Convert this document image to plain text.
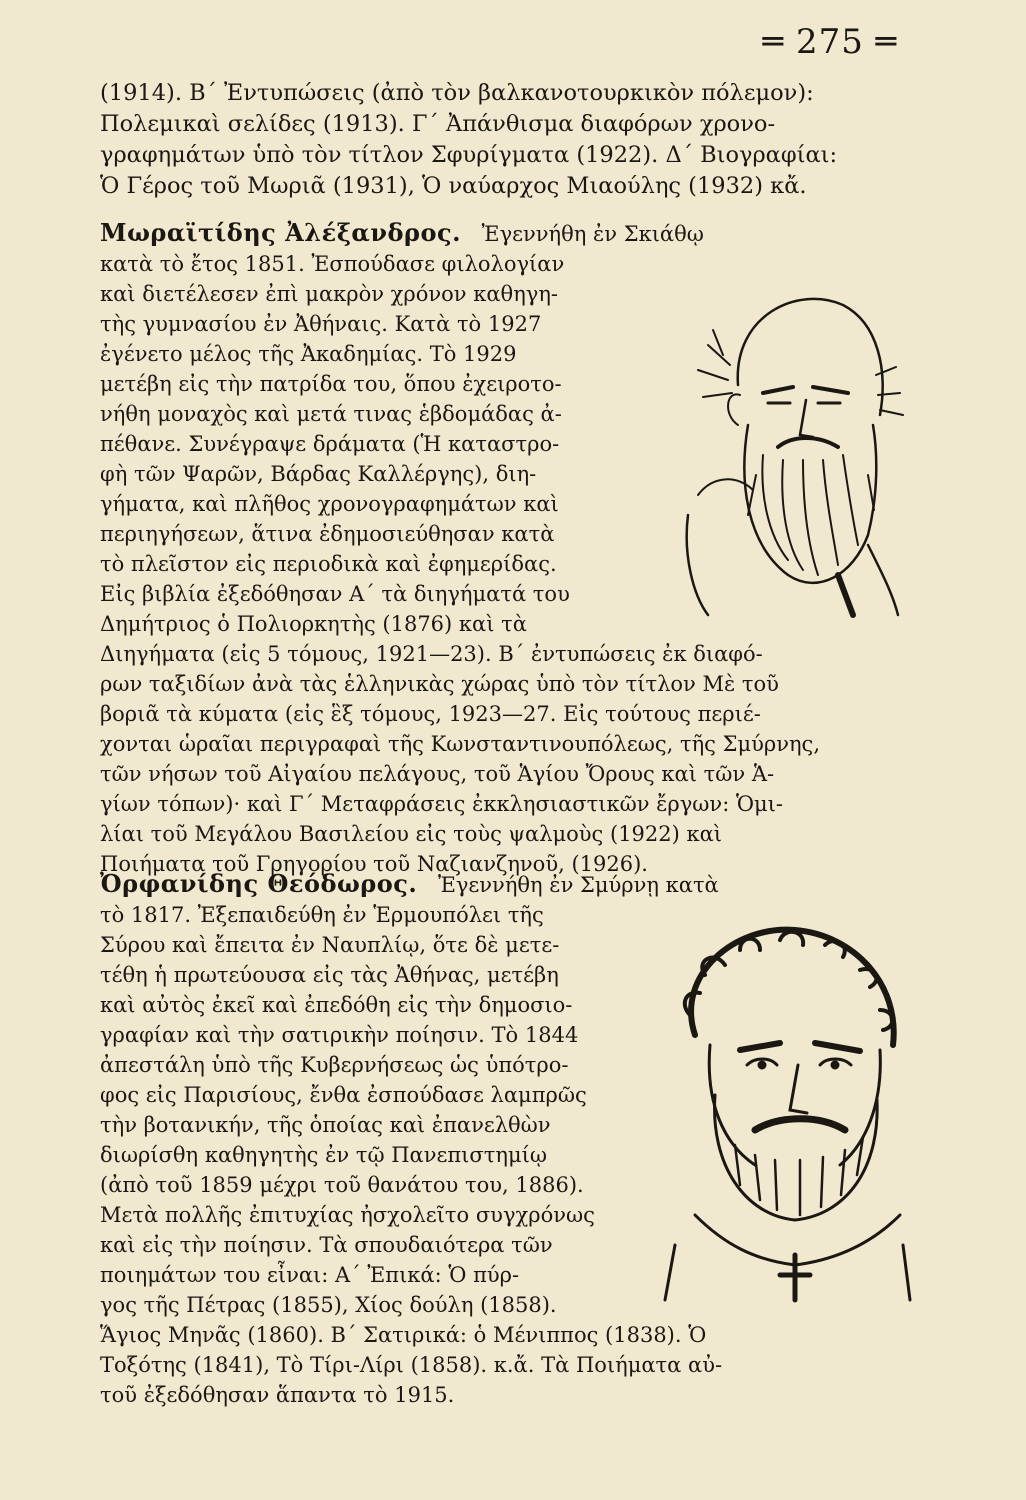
═ 275 ═
(1914). Β΄ Ἐντυπώσεις (ἀπὸ τὸν βαλκανοτουρκικὸν πόλεμον):
Πολεμικαὶ σελίδες (1913). Γ΄ Ἀπάνθισμα διαφόρων χρονο-
γραφημάτων ὑπὸ τὸν τίτλον Σφυρίγματα (1922). Δ΄ Βιογραφίαι:
Ὁ Γέρος τοῦ Μωριᾶ (1931), Ὁ ναύαρχος Μιαούλης (1932) κἄ.
Μωραϊτίδης Ἀλέξανδρος. Ἐγεννήθη ἐν Σκιάθῳ
κατὰ τὸ ἔτος 1851. Ἐσπούδασε φιλολογίαν
καὶ διετέλεσεν ἐπὶ μακρὸν χρόνον καθηγη-
τὴς γυμνασίου ἐν Ἀθήναις. Κατὰ τὸ 1927
ἐγένετο μέλος τῆς Ἀκαδημίας. Τὸ 1929
μετέβη εἰς τὴν πατρίδα του, ὅπου ἐχειροτο-
νήθη μοναχὸς καὶ μετά τινας ἑβδομάδας ἀ-
πέθανε. Συνέγραψε δράματα (Ἡ καταστρο-
φὴ τῶν Ψαρῶν, Βάρδας Καλλέργης), διη-
γήματα, καὶ πλῆθος χρονογραφημάτων καὶ
περιηγήσεων, ἅτινα ἐδημοσιεύθησαν κατὰ
τὸ πλεῖστον εἰς περιοδικὰ καὶ ἐφημερίδας.
Εἰς βιβλία ἐξεδόθησαν Α΄ τὰ διηγήματά του
Δημήτριος ὁ Πολιορκητὴς (1876) καὶ τὰ
Διηγήματα (εἰς 5 τόμους, 1921—23). Β΄ ἐντυπώσεις ἐκ διαφό-
ρων ταξιδίων ἀνὰ τὰς ἑλληνικὰς χώρας ὑπὸ τὸν τίτλον Μὲ τοῦ
βοριᾶ τὰ κύματα (εἰς ἓξ τόμους, 1923—27. Εἰς τούτους περιέ-
χονται ὡραῖαι περιγραφαὶ τῆς Κωνσταντινουπόλεως, τῆς Σμύρνης,
τῶν νήσων τοῦ Αἰγαίου πελάγους, τοῦ Ἁγίου Ὄρους καὶ τῶν Ἁ-
γίων τόπων)· καὶ Γ΄ Μεταφράσεις ἐκκλησιαστικῶν ἔργων: Ὁμι-
λίαι τοῦ Μεγάλου Βασιλείου εἰς τοὺς ψαλμοὺς (1922) καὶ
Ποιήματα τοῦ Γρηγορίου τοῦ Ναζιανζηνοῦ, (1926).
Ὀρφανίδης Θεόδωρος. Ἐγεννήθη ἐν Σμύρνῃ κατὰ
τὸ 1817. Ἐξεπαιδεύθη ἐν Ἑρμουπόλει τῆς
Σύρου καὶ ἔπειτα ἐν Ναυπλίῳ, ὅτε δὲ μετε-
τέθη ἡ πρωτεύουσα εἰς τὰς Ἀθήνας, μετέβη
καὶ αὐτὸς ἐκεῖ καὶ ἐπεδόθη εἰς τὴν δημοσιο-
γραφίαν καὶ τὴν σατιρικὴν ποίησιν. Τὸ 1844
ἀπεστάλη ὑπὸ τῆς Κυβερνήσεως ὡς ὑπότρο-
φος εἰς Παρισίους, ἔνθα ἐσπούδασε λαμπρῶς
τὴν βοτανικήν, τῆς ὁποίας καὶ ἐπανελθὼν
διωρίσθη καθηγητὴς ἐν τῷ Πανεπιστημίῳ
(ἀπὸ τοῦ 1859 μέχρι τοῦ θανάτου του, 1886).
Μετὰ πολλῆς ἐπιτυχίας ἠσχολεῖτο συγχρόνως
καὶ εἰς τὴν ποίησιν. Τὰ σπουδαιότερα τῶν
ποιημάτων του εἶναι: Α΄ Ἐπικά: Ὁ πύρ-
γος τῆς Πέτρας (1855), Χίος δούλη (1858).
Ἅγιος Μηνᾶς (1860). Β΄ Σατιρικά: ὁ Μένιππος (1838). Ὁ
Τοξότης (1841), Τὸ Τίρι-Λίρι (1858). κ.ἄ. Τὰ Ποιήματα αὐ-
τοῦ ἐξεδόθησαν ἅπαντα τὸ 1915.
